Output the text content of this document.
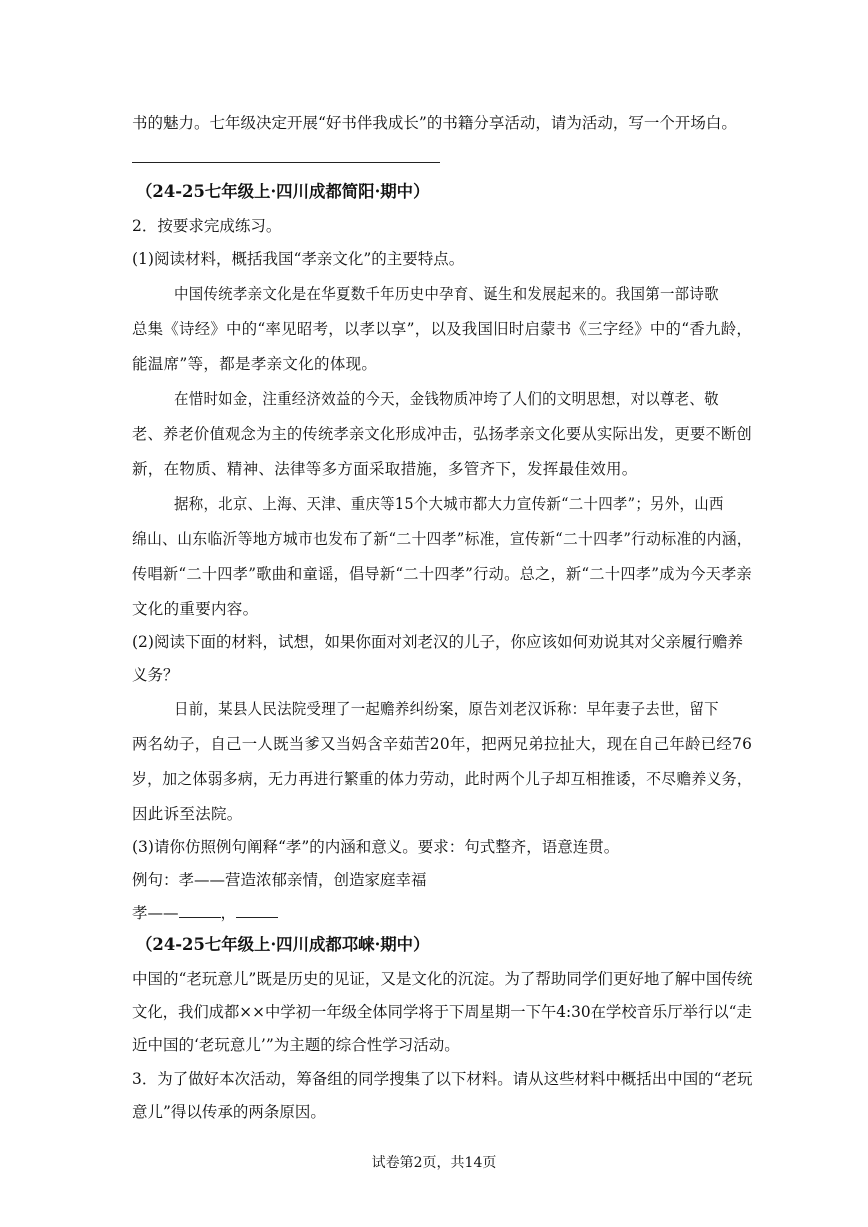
书的魅力。七年级决定开展“好书伴我成长”的书籍分享活动，请为活动，写一个开场白。
（24-25七年级上·四川成都简阳·期中）
2．按要求完成练习。
(1)阅读材料，概括我国“孝亲文化”的主要特点。
中国传统孝亲文化是在华夏数千年历史中孕育、诞生和发展起来的。我国第一部诗歌
总集《诗经》中的“率见昭考，以孝以享”，以及我国旧时启蒙书《三字经》中的“香九龄，
能温席”等，都是孝亲文化的体现。
在惜时如金，注重经济效益的今天，金钱物质冲垮了人们的文明思想，对以尊老、敬
老、养老价值观念为主的传统孝亲文化形成冲击，弘扬孝亲文化要从实际出发，更要不断创
新，在物质、精神、法律等多方面采取措施，多管齐下，发挥最佳效用。
据称，北京、上海、天津、重庆等15个大城市都大力宣传新“二十四孝”；另外，山西
绵山、山东临沂等地方城市也发布了新“二十四孝”标准，宣传新“二十四孝”行动标准的内涵，
传唱新“二十四孝”歌曲和童谣，倡导新“二十四孝”行动。总之，新“二十四孝”成为今天孝亲
文化的重要内容。
(2)阅读下面的材料，试想，如果你面对刘老汉的儿子，你应该如何劝说其对父亲履行赡养
义务？
日前，某县人民法院受理了一起赡养纠纷案，原告刘老汉诉称：早年妻子去世，留下
两名幼子，自己一人既当爹又当妈含辛茹苦20年，把两兄弟拉扯大，现在自己年龄已经76
岁，加之体弱多病，无力再进行繁重的体力劳动，此时两个儿子却互相推诿，不尽赡养义务，
因此诉至法院。
(3)请你仿照例句阐释“孝”的内涵和意义。要求：句式整齐，语意连贯。
例句：孝——营造浓郁亲情，创造家庭幸福
孝——	，
（24-25七年级上·四川成都邛崃·期中）
中国的“老玩意儿”既是历史的见证，又是文化的沉淀。为了帮助同学们更好地了解中国传统
文化，我们成都××中学初一年级全体同学将于下周星期一下午4:30在学校音乐厅举行以“走
近中国的‘老玩意儿’”为主题的综合性学习活动。
3．为了做好本次活动，筹备组的同学搜集了以下材料。请从这些材料中概括出中国的“老玩
意儿”得以传承的两条原因。
试卷第2页，共14页
